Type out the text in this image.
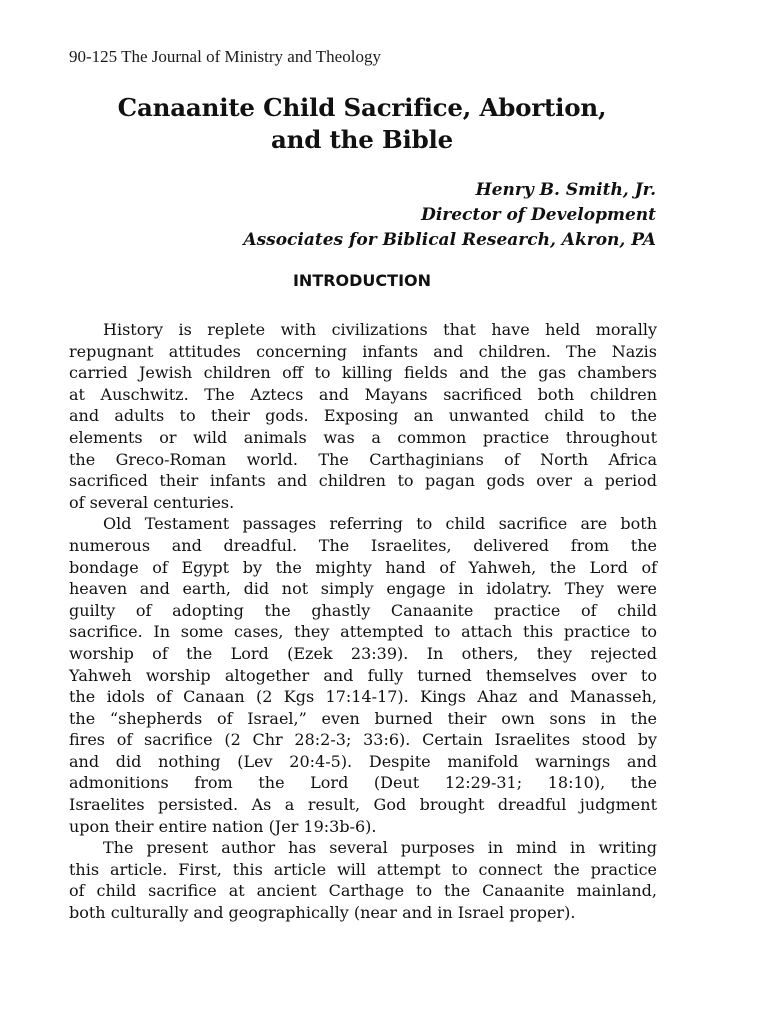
90-125 The Journal of Ministry and Theology
Canaanite Child Sacrifice, Abortion,
and the Bible
Henry B. Smith, Jr.
Director of Development
Associates for Biblical Research, Akron, PA
INTRODUCTION

History is replete with civilizations that have held morally
repugnant attitudes concerning infants and children. The Nazis
carried Jewish children off to killing fields and the gas chambers
at Auschwitz. The Aztecs and Mayans sacrificed both children
and adults to their gods. Exposing an unwanted child to the
elements or wild animals was a common practice throughout
the Greco-Roman world. The Carthaginians of North Africa
sacrificed their infants and children to pagan gods over a period
of several centuries.

Old Testament passages referring to child sacrifice are both
numerous and dreadful. The Israelites, delivered from the
bondage of Egypt by the mighty hand of Yahweh, the Lord of
heaven and earth, did not simply engage in idolatry. They were
guilty of adopting the ghastly Canaanite practice of child
sacrifice. In some cases, they attempted to attach this practice to
worship of the Lord (Ezek 23:39). In others, they rejected
Yahweh worship altogether and fully turned themselves over to
the idols of Canaan (2 Kgs 17:14-17). Kings Ahaz and Manasseh,
the “shepherds of Israel,” even burned their own sons in the
fires of sacrifice (2 Chr 28:2-3; 33:6). Certain Israelites stood by
and did nothing (Lev 20:4-5). Despite manifold warnings and
admonitions from the Lord (Deut 12:29-31; 18:10), the
Israelites persisted. As a result, God brought dreadful judgment
upon their entire nation (Jer 19:3b-6).

The present author has several purposes in mind in writing
this article. First, this article will attempt to connect the practice
of child sacrifice at ancient Carthage to the Canaanite mainland,
both culturally and geographically (near and in Israel proper).
